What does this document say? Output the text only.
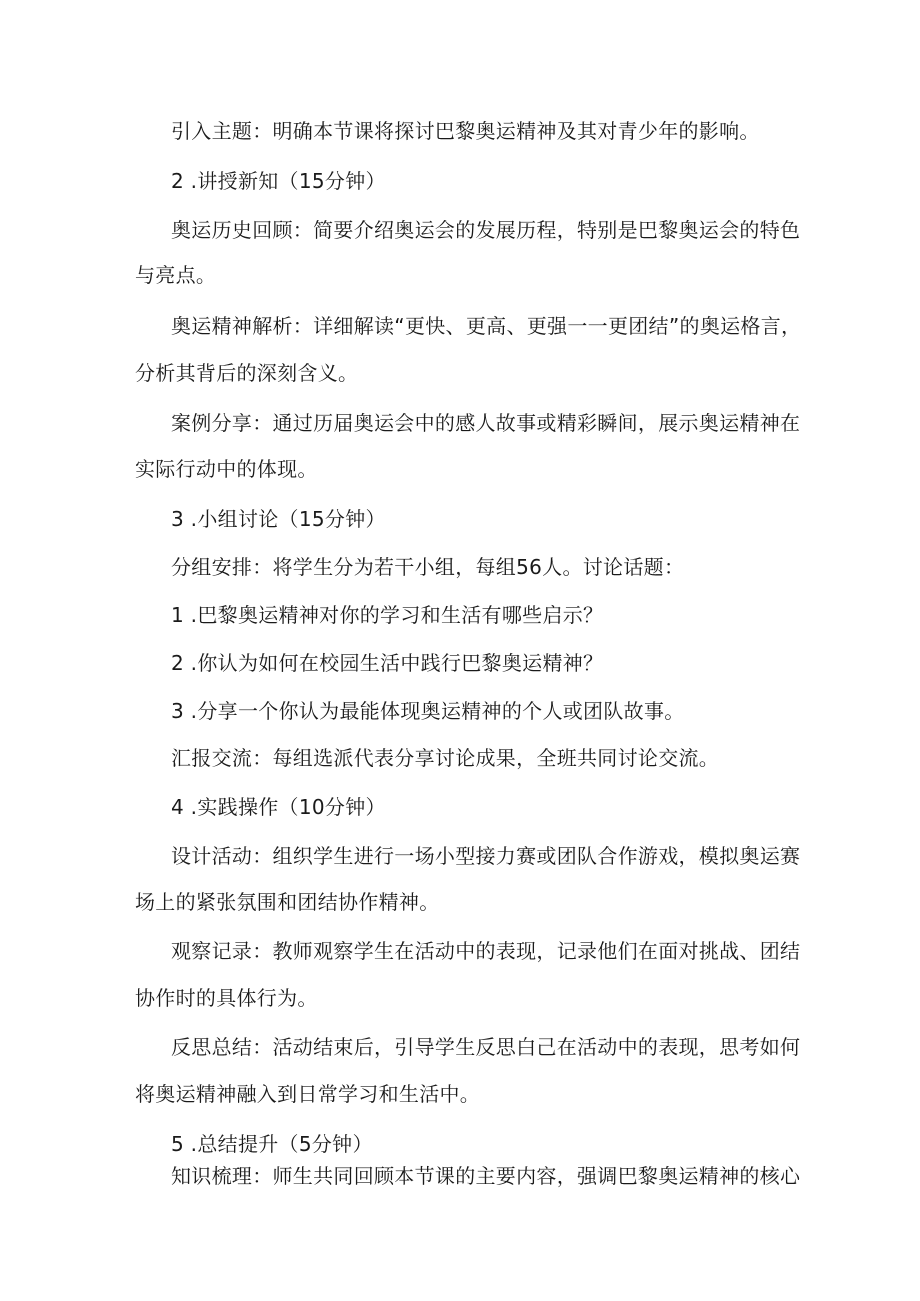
引入主题：明确本节课将探讨巴黎奥运精神及其对青少年的影响。
2 .讲授新知（15分钟）
奥运历史回顾：简要介绍奥运会的发展历程，特别是巴黎奥运会的特色
与亮点。
奥运精神解析：详细解读“更快、更高、更强一一更团结”的奥运格言，
分析其背后的深刻含义。
案例分享：通过历届奥运会中的感人故事或精彩瞬间，展示奥运精神在
实际行动中的体现。
3 .小组讨论（15分钟）
分组安排：将学生分为若干小组，每组56人。讨论话题：
1 .巴黎奥运精神对你的学习和生活有哪些启示？
2 .你认为如何在校园生活中践行巴黎奥运精神？
3 .分享一个你认为最能体现奥运精神的个人或团队故事。
汇报交流：每组选派代表分享讨论成果，全班共同讨论交流。
4 .实践操作（10分钟）
设计活动：组织学生进行一场小型接力赛或团队合作游戏，模拟奥运赛
场上的紧张氛围和团结协作精神。
观察记录：教师观察学生在活动中的表现，记录他们在面对挑战、团结
协作时的具体行为。
反思总结：活动结束后，引导学生反思白己在活动中的表现，思考如何
将奥运精神融入到日常学习和生活中。
5 .总结提升（5分钟）
知识梳理：师生共同回顾本节课的主要内容，强调巴黎奥运精神的核心
